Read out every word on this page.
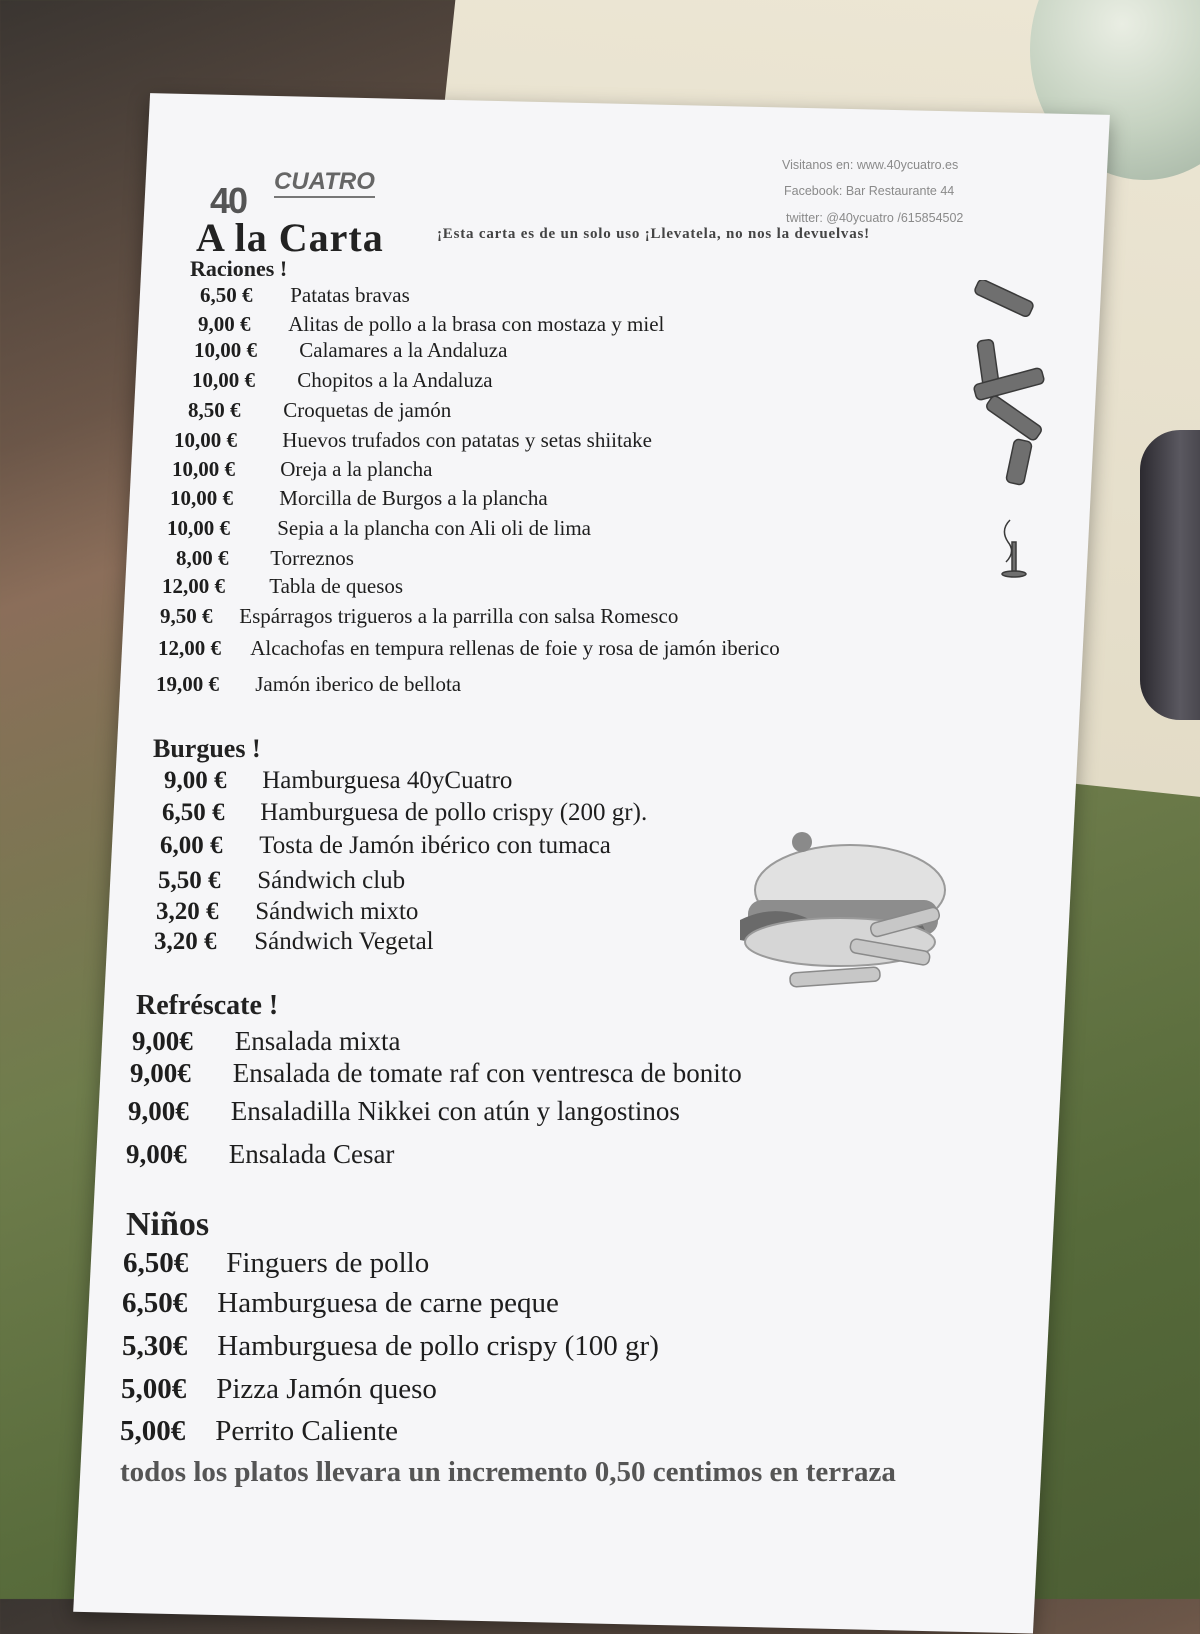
40 CUATRO
Visitanos en: www.40ycuatro.es
Facebook: Bar Restaurante 44
twitter: @40ycuatro /615854502
A la Carta	¡Esta carta es de un solo uso ¡Llevatela, no nos la devuelvas!
Raciones !
6,50 € Patatas bravas
9,00 € Alitas de pollo a la brasa con mostaza y miel
10,00 € Calamares a la Andaluza
10,00 € Chopitos a la Andaluza
8,50 € Croquetas de jamón
10,00 € Huevos trufados con patatas y setas shiitake
10,00 € Oreja a la plancha
10,00 € Morcilla de Burgos a la plancha
10,00 € Sepia a la plancha con Ali oli de lima
8,00 € Torreznos
12,00 € Tabla de quesos
9,50 € Espárragos trigueros a la parrilla con salsa Romesco
12,00 € Alcachofas en tempura rellenas de foie y rosa de jamón iberico
19,00 € Jamón iberico de bellota
Burgues !
9,00 € Hamburguesa 40yCuatro
6,50 € Hamburguesa de pollo crispy (200 gr).
6,00 € Tosta de Jamón ibérico con tumaca
5,50 € Sándwich club
3,20 € Sándwich mixto
3,20 € Sándwich Vegetal
Refréscate !
9,00€ Ensalada mixta
9,00€ Ensalada de tomate raf con ventresca de bonito
9,00€ Ensaladilla Nikkei con atún y langostinos
9,00€ Ensalada Cesar
Niños
6,50€ Finguers de pollo
6,50€ Hamburguesa de carne peque
5,30€ Hamburguesa de pollo crispy (100 gr)
5,00€ Pizza Jamón queso
5,00€ Perrito Caliente
todos los platos llevara un incremento 0,50 centimos en terraza
